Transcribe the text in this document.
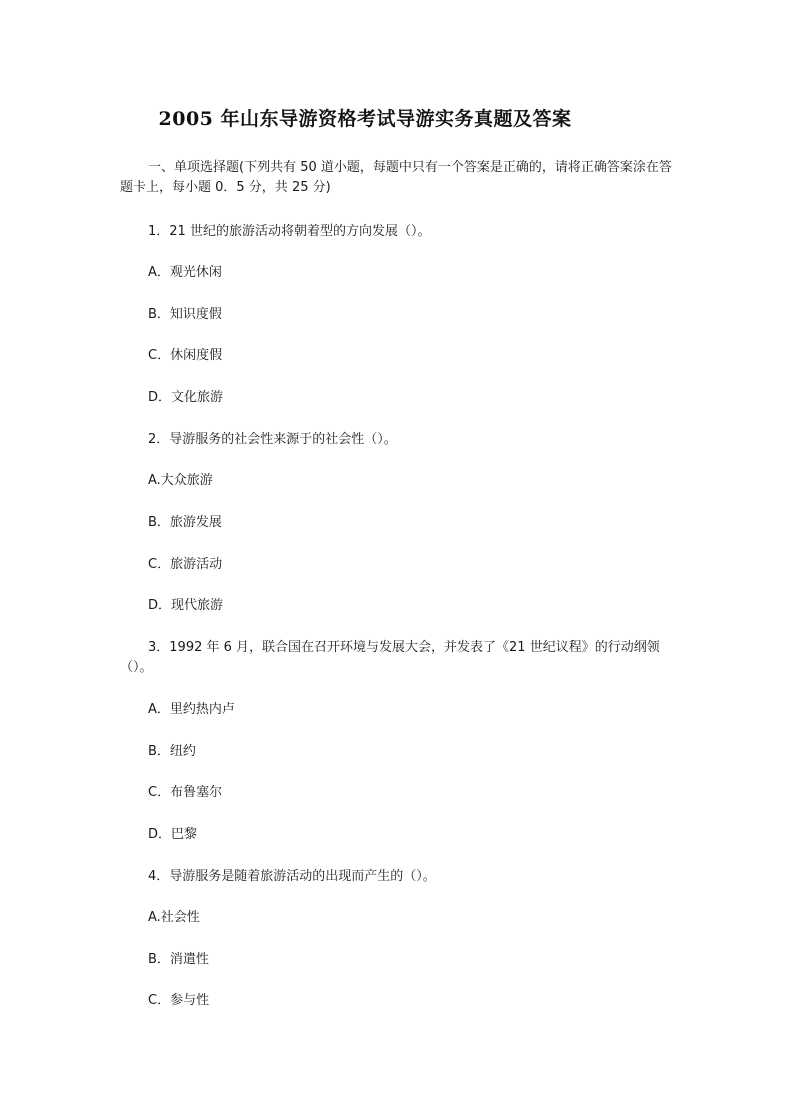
2005 年山东导游资格考试导游实务真题及答案
一、单项选择题(下列共有 50 道小题，每题中只有一个答案是正确的，请将正确答案涂在答题卡上，每小题 0．5 分，共 25 分)
1．21 世纪的旅游活动将朝着型的方向发展（）。
A．观光休闲
B．知识度假
C．休闲度假
D．文化旅游
2．导游服务的社会性来源于的社会性（）。
A.大众旅游
B．旅游发展
C．旅游活动
D．现代旅游
3．1992 年 6 月，联合国在召开环境与发展大会，并发表了《21 世纪议程》的行动纲领（）。
A．里约热内卢
B．纽约
C．布鲁塞尔
D．巴黎
4．导游服务是随着旅游活动的出现而产生的（）。
A.社会性
B．消遣性
C．参与性
